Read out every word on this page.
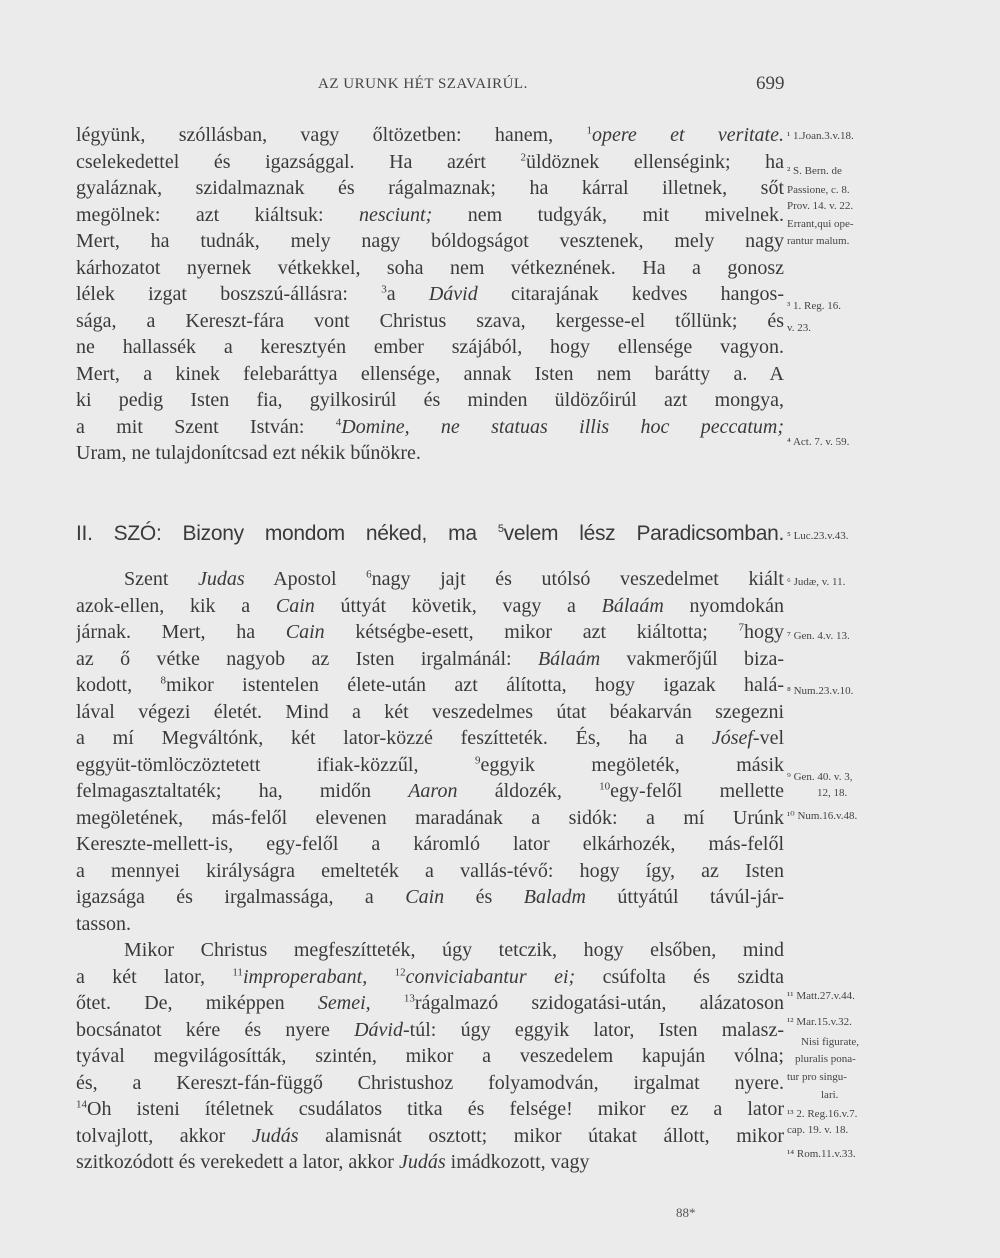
AZ URUNK HÉT SZAVAIRÚL.	699
légyünk, szóllásban, vagy őltözetben: hanem, $^1$opere et veritate.
cselekedettel és igazsággal. Ha azért $^2$üldöznek ellenségink; ha
gyaláznak, szidalmaznak és rágalmaznak; ha kárral illetnek, sőt
megölnek: azt kiáltsuk: nesciunt; nem tudgyák, mit mivelnek.
Mert, ha tudnák, mely nagy bóldogságot vesztenek, mely nagy
kárhozatot nyernek vétkekkel, soha nem vétkeznének. Ha a gonosz
lélek izgat boszszú-állásra: $^3$a Dávid citarajának kedves hangos-
sága, a Kereszt-fára vont Christus szava, kergesse-el tőllünk; és
ne hallassék a keresztyén ember szájából, hogy ellensége vagyon.
Mert, a kinek felebaráttya ellensége, annak Isten nem barátty a. A
ki pedig Isten fia, gyilkosirúl és minden üldözőirúl azt mongya,
a mit Szent István: $^4$Domine, ne statuas illis hoc peccatum;
Uram, ne tulajdonítcsad ezt nékik bűnökre.
II. SZÓ: Bizony mondom néked, ma $^5$velem lész Paradicsomban.
Szent Judas Apostol $^6$nagy jajt és utólsó veszedelmet kiált
azok-ellen, kik a Cain úttyát követik, vagy a Bálaám nyomdokán
járnak. Mert, ha Cain kétségbe-esett, mikor azt kiáltotta; $^7$hogy
az ő vétke nagyob az Isten irgalmánál: Bálaám vakmerőjűl biza-
kodott, $^8$mikor istentelen élete-után azt álította, hogy igazak halá-
lával végezi életét. Mind a két veszedelmes útat béakarván szegezni
a mí Megváltónk, két lator-közzé feszítteték. És, ha a Jósef-vel
eggyüt-tömlöczöztetett ifiak-közzűl, $^9$eggyik megöleték, másik
felmagasztaltaték; ha, midőn Aaron áldozék, $^{10}$egy-felől mellette
megöletének, más-felől elevenen maradának a sidók: a mí Urúnk
Kereszte-mellett-is, egy-felől a káromló lator elkárhozék, más-felől
a mennyei királyságra emelteték a vallás-tévő: hogy így, az Isten
igazsága és irgalmassága, a Cain és Baladm úttyátúl távúl-jár-
tasson.
Mikor Christus megfeszítteték, úgy tetczik, hogy elsőben, mind
a két lator, $^{11}$improperabant, $^{12}$conviciabantur ei; csúfolta és szidta
őtet. De, miképpen Semei,	$^{13}$rágalmazó szidogatási-után, alázatoson
bocsánatot kére és nyere Dávid-túl: úgy eggyik lator, Isten malasz-
tyával megvilágosítták, szintén, mikor a veszedelem kapuján vólna;
és, a Kereszt-fán-függő Christushoz folyamodván, irgalmat nyere.
$^{14}$Oh isteni ítéletnek csudálatos titka és felsége! mikor ez a lator
tolvajlott, akkor Judás alamisnát osztott; mikor útakat állott, mikor
szitkozódott és verekedett a lator, akkor Judás imádkozott, vagy
¹ 1.Joan.3.v.18.
² S. Bern. de
Passione, c. 8.
Prov. 14. v. 22.
Errant,qui ope-
rantur malum.
³ 1. Reg. 16.
v. 23.
⁴ Act. 7. v. 59.
⁵ Luc.23.v.43.
⁶ Judæ, v. 11.
⁷ Gen. 4.v. 13.
⁸ Num.23.v.10.
⁹ Gen. 40. v. 3,
12, 18.
¹⁰ Num.16.v.48.
¹¹ Matt.27.v.44.
¹² Mar.15.v.32.
Nisi figurate,
pluralis pona-
tur pro singu-
lari.
¹³ 2. Reg.16.v.7.
cap. 19. v. 18.
¹⁴ Rom.11.v.33.
88*
